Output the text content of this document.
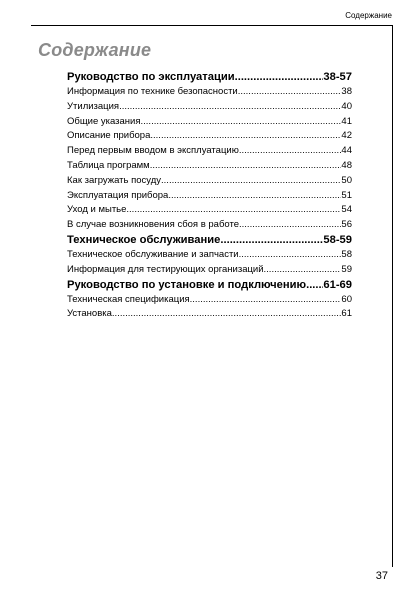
Содержание
Содержание
Руководство по эксплуатации .....	38-57
Информация по технике безопасности .....	38
Утилизация .....	40
Общие указания .....	41
Описание прибора .....	42
Перед первым вводом в эксплуатацию .....	44
Таблица программ .....	48
Как загружать посуду .....	50
Эксплуатация прибора .....	51
Уход и мытье .....	54
В случае возникновения сбоя в работе .....	56
Техническое обслуживание .....	58-59
Техническое обслуживание и запчасти .....	58
Информация для тестирующих организаций .....	59
Руководство по установке и подключению ..... 61-69
Техническая спецификация .....	60
Установка .....	61
37
